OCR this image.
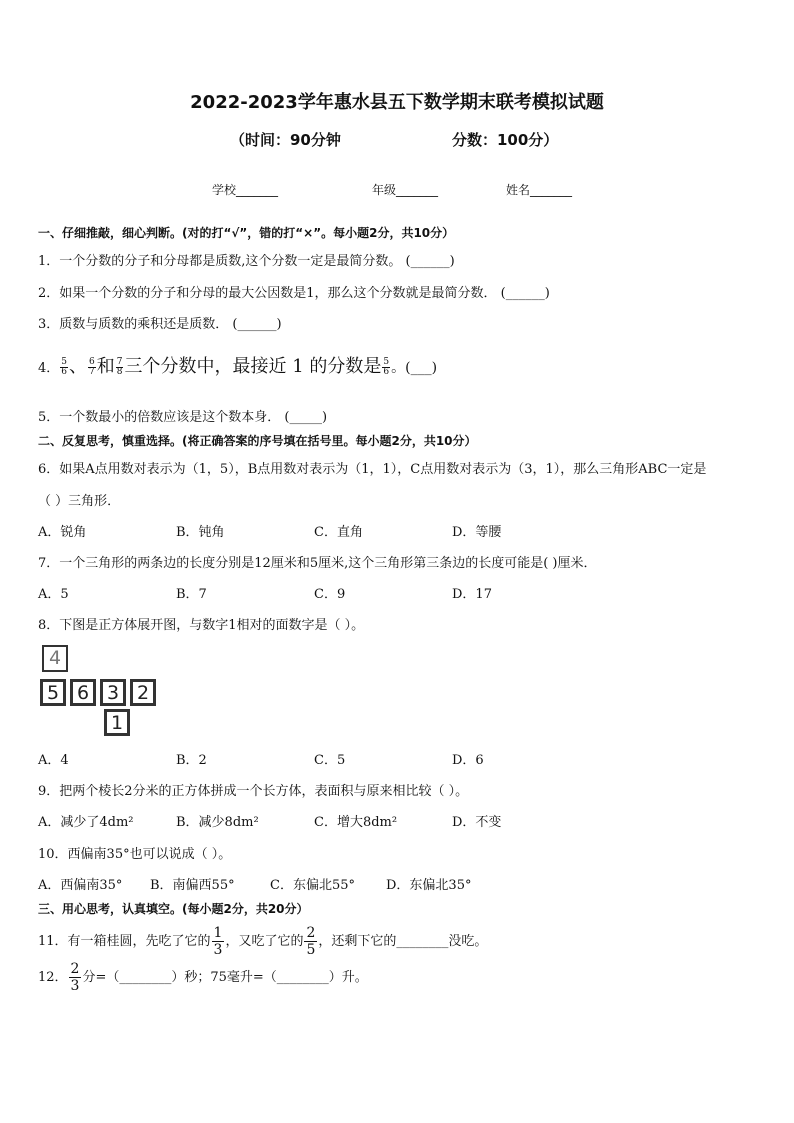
2022-2023学年惠水县五下数学期末联考模拟试题
（时间：90分钟	分数：100分）
学校_______	年级_______	姓名_______
一、仔细推敲，细心判断。(对的打“√”，错的打“×”。每小题2分，共10分）
1．一个分数的分子和分母都是质数,这个分数一定是最简分数。 (______)
2．如果一个分数的分子和分母的最大公因数是1，那么这个分数就是最简分数． (______)
3．质数与质数的乘积还是质数． (______)
4． $\frac{5}{6}$ 、 $\frac{6}{7}$ 和 $\frac{7}{8}$ 三个分数中，最接近 1 的分数是 $\frac{5}{6}$ 。(___)
5．一个数最小的倍数应该是这个数本身． (_____)
二、反复思考，慎重选择。(将正确答案的序号填在括号里。每小题2分，共10分）
6．如果A点用数对表示为（1，5），B点用数对表示为（1，1），C点用数对表示为（3，1），那么三角形ABC一定是
（ ）三角形．
A．锐角	B．钝角	C．直角	D．等腰
7．一个三角形的两条边的长度分别是12厘米和5厘米,这个三角形第三条边的长度可能是( )厘米．
A．5	B．7	C．9	D．17
8．下图是正方体展开图，与数字1相对的面数字是（ ）。
4
5 6 3 2
1
A．4	B．2	C．5	D．6
9．把两个棱长2分米的正方体拼成一个长方体，表面积与原来相比较（ ）。
A．减少了4dm²	B．减少8dm²	C．增大8dm²	D．不变
10．西偏南35°也可以说成（ ）。
A．西偏南35° B．南偏西55°	C．东偏北55° D．东偏北35°
三、用心思考，认真填空。(每小题2分，共20分）
11．有一箱桂圆，先吃了它的 $\frac{1}{3}$ ，又吃了它的 $\frac{2}{5}$ ，还剩下它的________没吃。
12． $\frac{2}{3}$ 分=（________）秒；75毫升=（________）升。
